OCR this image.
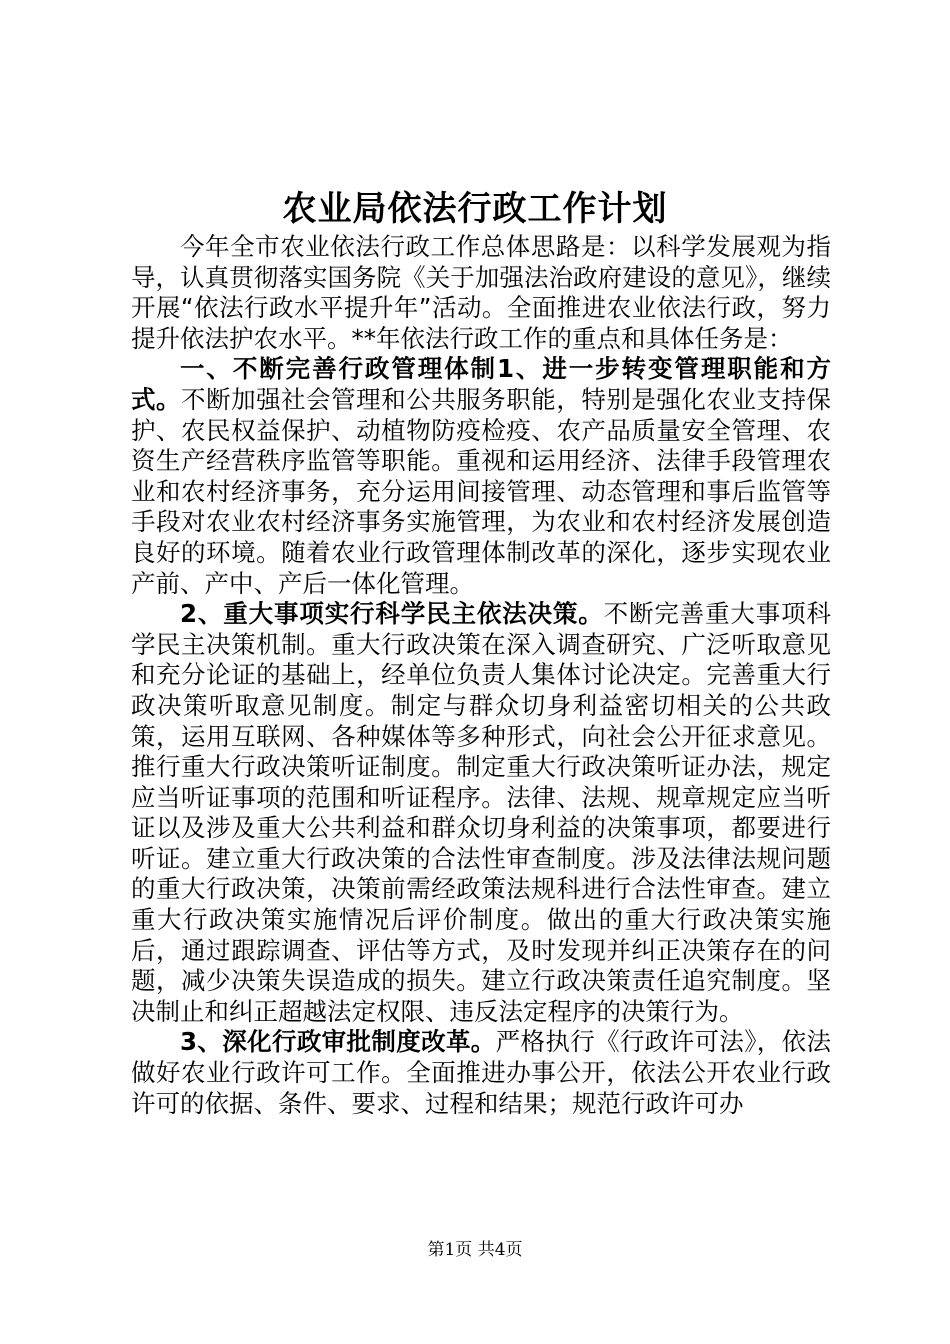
农业局依法行政工作计划

今年全市农业依法行政工作总体思路是：以科学发展观为指导，认真贯彻落实国务院《关于加强法治政府建设的意见》，继续开展“依法行政水平提升年”活动。全面推进农业依法行政，努力提升依法护农水平。**年依法行政工作的重点和具体任务是：

一、不断完善行政管理体制1、进一步转变管理职能和方式。不断加强社会管理和公共服务职能，特别是强化农业支持保护、农民权益保护、动植物防疫检疫、农产品质量安全管理、农资生产经营秩序监管等职能。重视和运用经济、法律手段管理农业和农村经济事务，充分运用间接管理、动态管理和事后监管等手段对农业农村经济事务实施管理，为农业和农村经济发展创造良好的环境。随着农业行政管理体制改革的深化，逐步实现农业产前、产中、产后一体化管理。

2、重大事项实行科学民主依法决策。不断完善重大事项科学民主决策机制。重大行政决策在深入调查研究、广泛听取意见和充分论证的基础上，经单位负责人集体讨论决定。完善重大行政决策听取意见制度。制定与群众切身利益密切相关的公共政策，运用互联网、各种媒体等多种形式，向社会公开征求意见。推行重大行政决策听证制度。制定重大行政决策听证办法，规定应当听证事项的范围和听证程序。法律、法规、规章规定应当听证以及涉及重大公共利益和群众切身利益的决策事项，都要进行听证。建立重大行政决策的合法性审查制度。涉及法律法规问题的重大行政决策，决策前需经政策法规科进行合法性审查。建立重大行政决策实施情况后评价制度。做出的重大行政决策实施后，通过跟踪调查、评估等方式，及时发现并纠正决策存在的问题，减少决策失误造成的损失。建立行政决策责任追究制度。坚决制止和纠正超越法定权限、违反法定程序的决策行为。

3、深化行政审批制度改革。严格执行《行政许可法》，依法做好农业行政许可工作。全面推进办事公开，依法公开农业行政许可的依据、条件、要求、过程和结果；规范行政许可办

第1页 共4页
